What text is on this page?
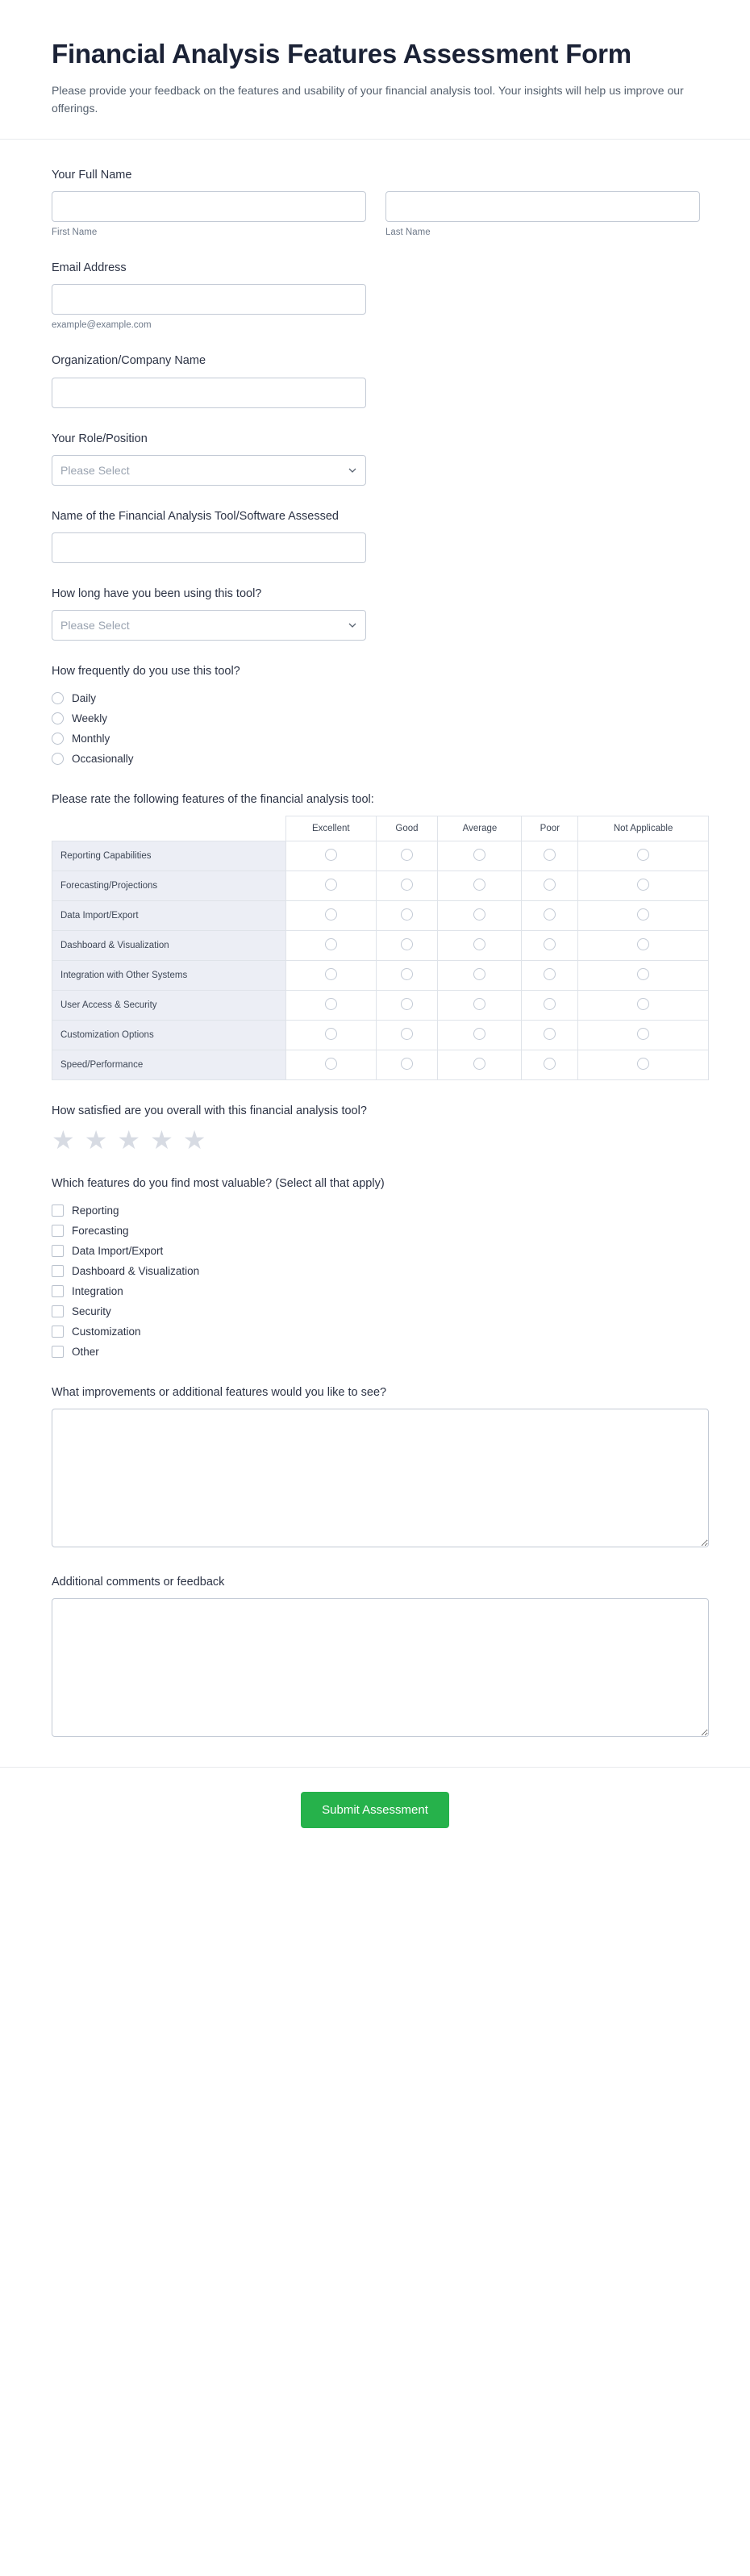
Financial Analysis Features Assessment Form

Please provide your feedback on the features and usability of your financial analysis tool. Your insights will help us improve our offerings.

Your Full Name
First Name	Last Name
Email Address
example@example.com
Organization/Company Name
Your Role/Position
Please Select
Name of the Financial Analysis Tool/Software Assessed
How long have you been using this tool?
Please Select
How frequently do you use this tool?
Daily
Weekly
Monthly
Occasionally
Please rate the following features of the financial analysis tool:
	Excellent	Good	Average	Poor	Not Applicable
Reporting Capabilities					
Forecasting/Projections					
Data Import/Export					
Dashboard & Visualization					
Integration with Other Systems					
User Access & Security					
Customization Options					
Speed/Performance					
How satisfied are you overall with this financial analysis tool?
★ ★ ★ ★ ★
Which features do you find most valuable? (Select all that apply)
Reporting
Forecasting
Data Import/Export
Dashboard & Visualization
Integration
Security
Customization
Other
What improvements or additional features would you like to see?
Additional comments or feedback
Submit Assessment
